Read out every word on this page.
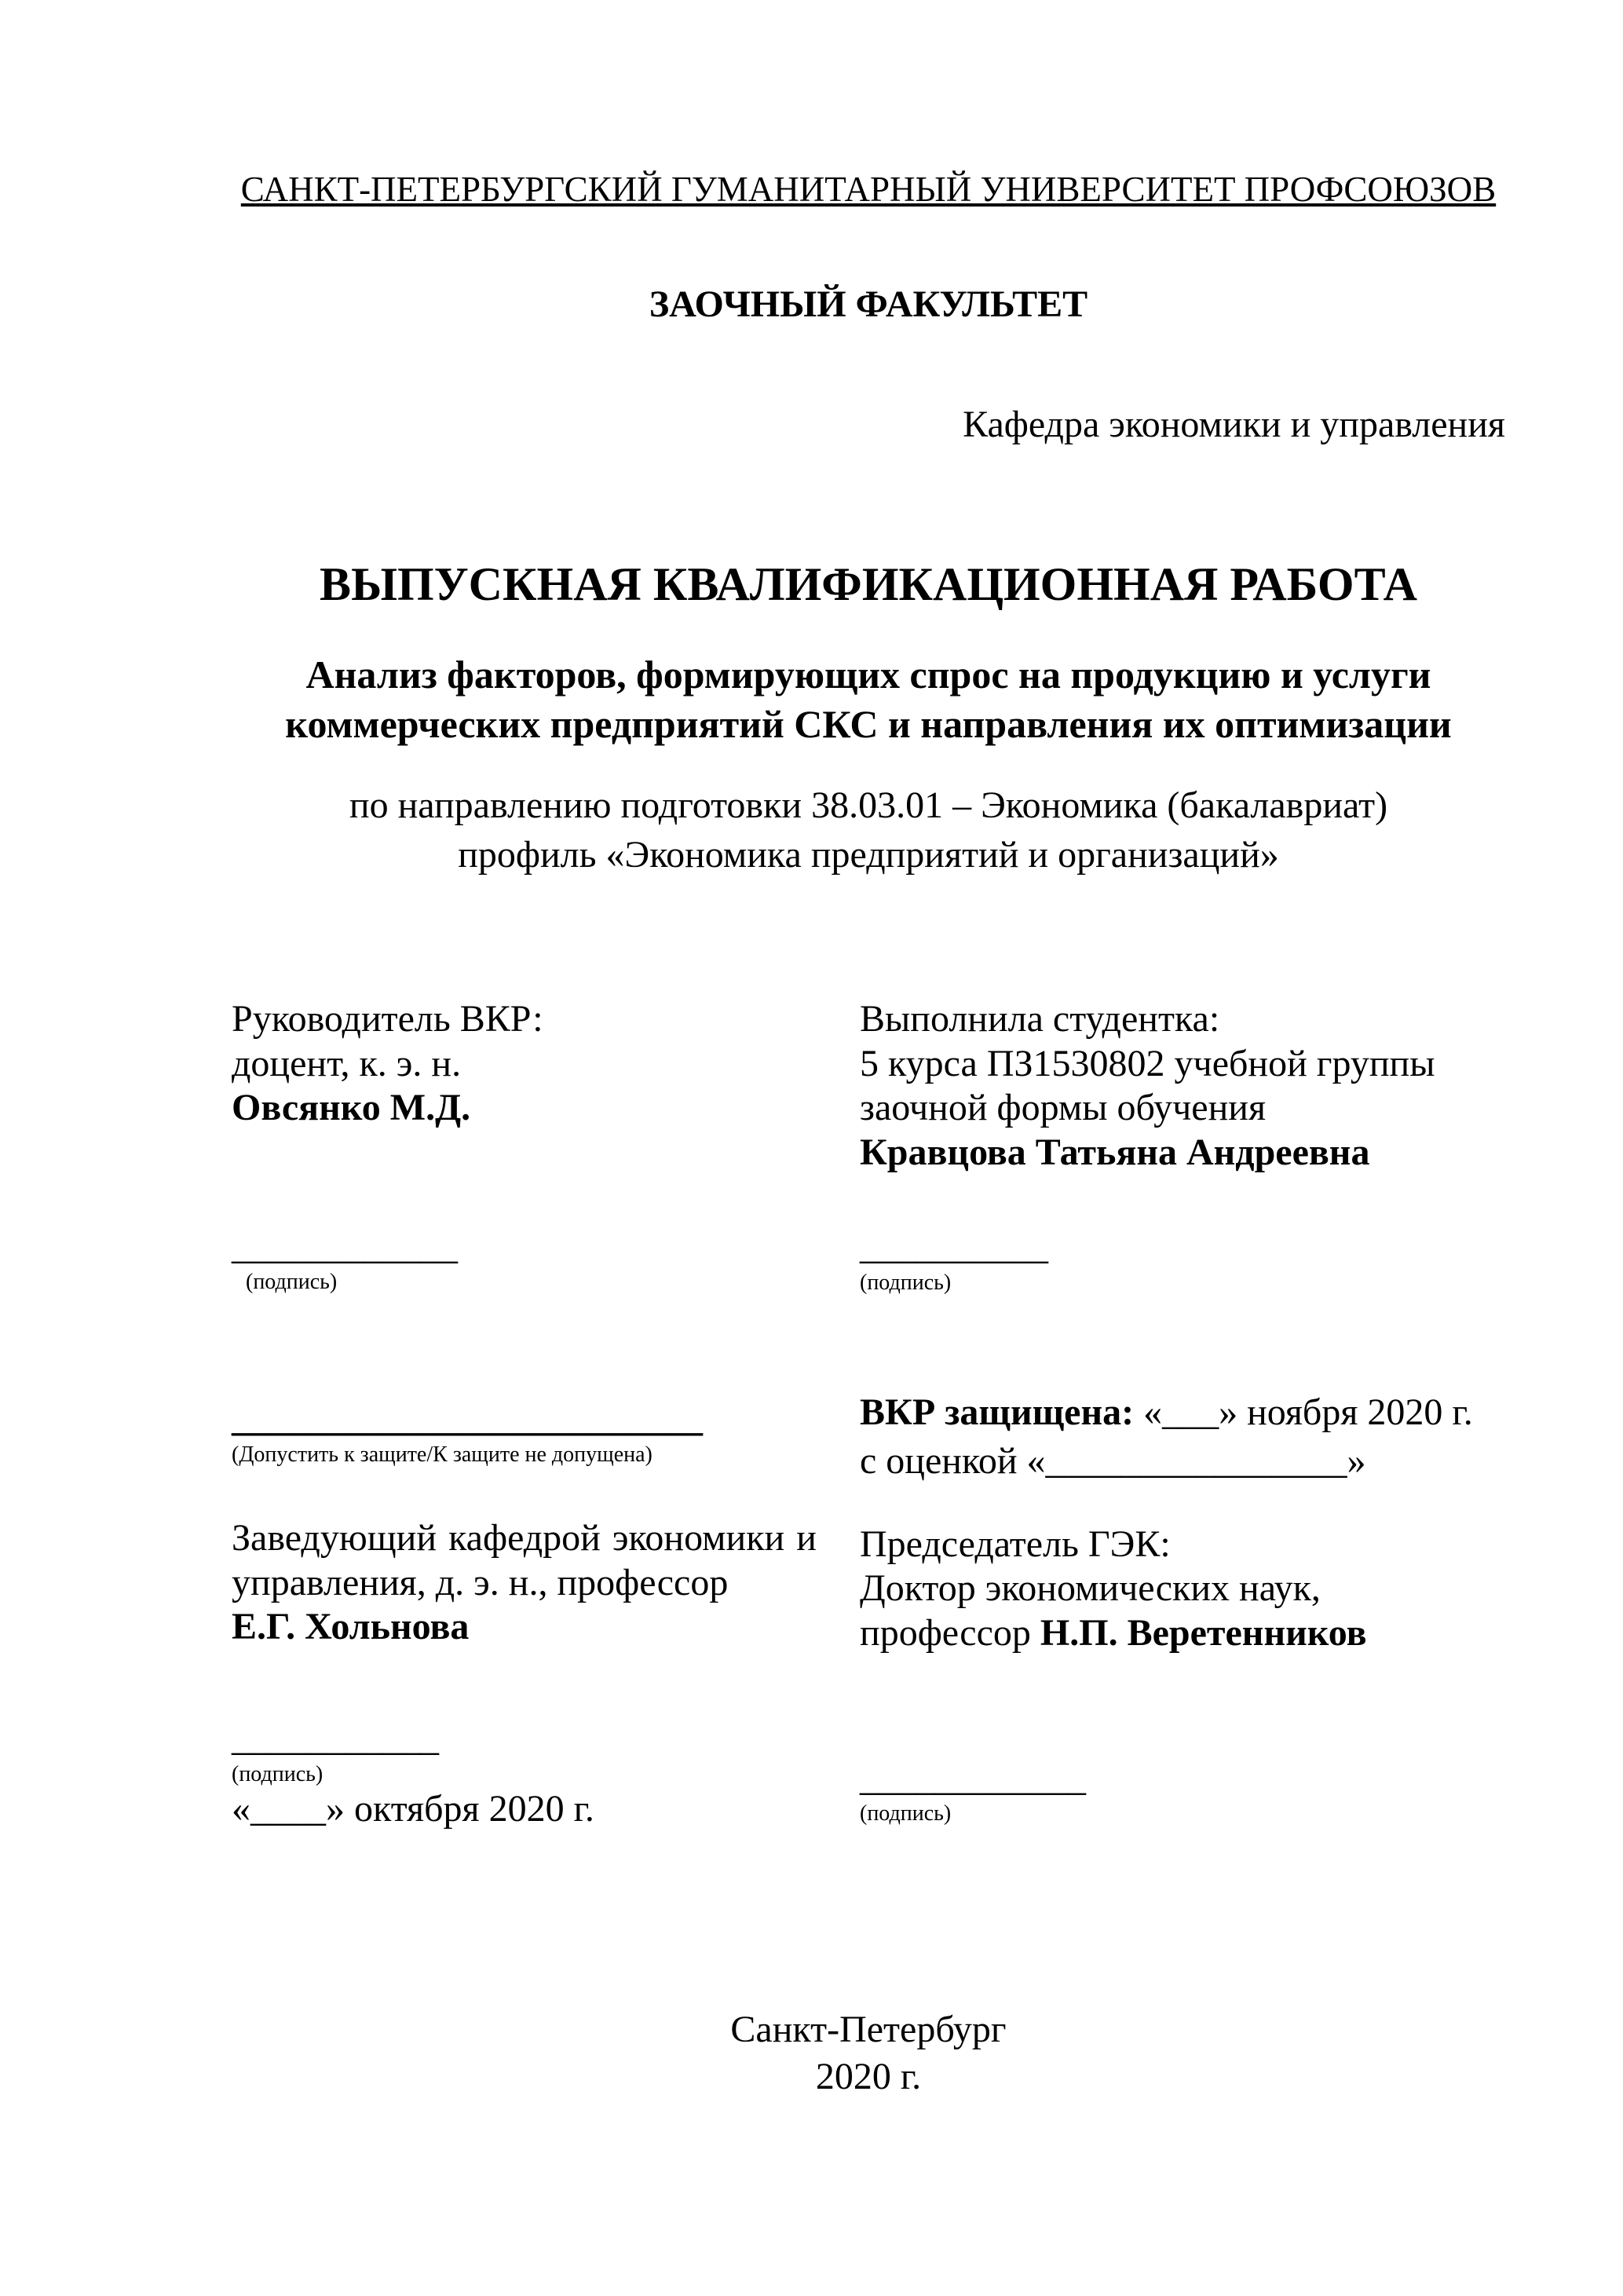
САНКТ-ПЕТЕРБУРГСКИЙ ГУМАНИТАРНЫЙ УНИВЕРСИТЕТ ПРОФСОЮЗОВ
ЗАОЧНЫЙ ФАКУЛЬТЕТ
Кафедра экономики и управления
ВЫПУСКНАЯ КВАЛИФИКАЦИОННАЯ РАБОТА
Анализ факторов, формирующих спрос на продукцию и услуги
коммерческих предприятий СКС и направления их оптимизации
по направлению подготовки 38.03.01 – Экономика (бакалавриат)
профиль «Экономика предприятий и организаций»
Руководитель ВКР:
доцент, к. э. н.
Овсянко М.Д.
____________
(подпись)
_________________________
(Допустить к защите/К защите не допущена)
Заведующий кафедрой экономики и
управления, д. э. н., профессор
Е.Г. Хольнова
___________
(подпись)
«____» октября 2020 г.
Выполнила студентка:
5 курса ПЗ1530802 учебной группы
заочной формы обучения
Кравцова Татьяна Андреевна
__________
(подпись)
ВКР защищена: «___» ноября 2020 г.
с оценкой «________________»
Председатель ГЭК:
Доктор экономических наук,
профессор Н.П. Веретенников
____________
(подпись)
Санкт-Петербург
2020 г.
